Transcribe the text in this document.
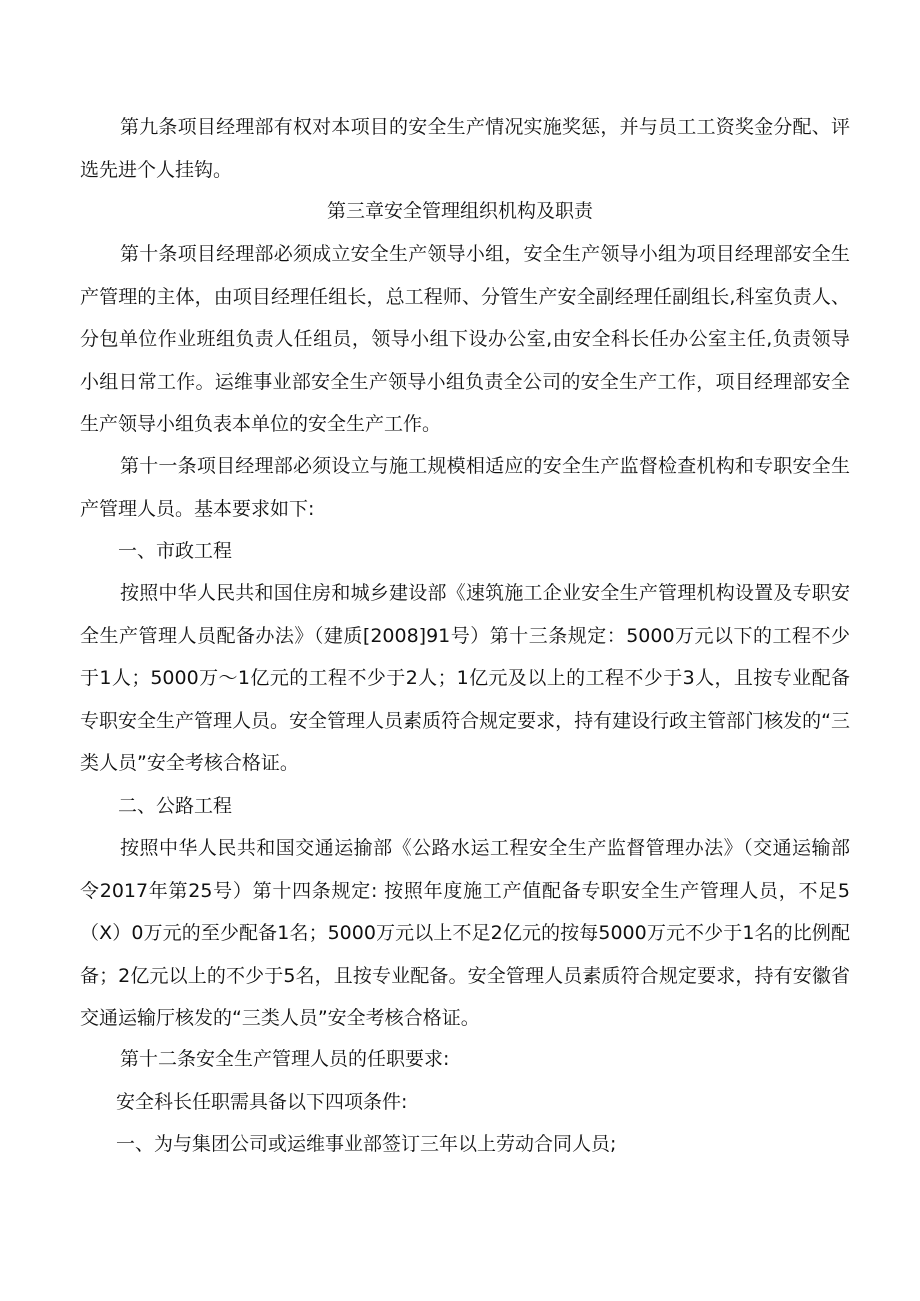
第九条项目经理部有权对本项目的安全生产情况实施奖惩，并与员工工资奖金分配、评选先进个人挂钩。

第三章安全管理组织机构及职责

第十条项目经理部必须成立安全生产领导小组，安全生产领导小组为项目经理部安全生产管理的主体，由项目经理任组长，总工程师、分管生产安全副经理任副组长,科室负责人、分包单位作业班组负责人任组员，领导小组下设办公室,由安全科长任办公室主任,负责领导小组日常工作。运维事业部安全生产领导小组负责全公司的安全生产工作，项目经理部安全生产领导小组负表本单位的安全生产工作。

第十一条项目经理部必须设立与施工规模相适应的安全生产监督检查机构和专职安全生产管理人员。基本要求如下:

一、市政工程

按照中华人民共和国住房和城乡建设部《速筑施工企业安全生产管理机构设置及专职安全生产管理人员配备办法》（建质[2008]91号）第十三条规定：5000万元以下的工程不少于1人；5000万〜1亿元的工程不少于2人；1亿元及以上的工程不少于3人，且按专业配备专职安全生产管理人员。安全管理人员素质符合规定要求，持有建设行政主管部门核发的“三类人员”安全考核合格证。

二、公路工程

按照中华人民共和国交通运揄部《公路水运工程安全生产监督管理办法》（交通运输部令2017年第25号）第十四条规定: 按照年度施工产值配备专职安全生产管理人员，不足5（X）0万元的至少配备1名；5000万元以上不足2亿元的按每5000万元不少于1名的比例配备；2亿元以上的不少于5名，且按专业配备。安全管理人员素质符合规定要求，持有安徽省交通运输厅核发的“三类人员”安全考核合格证。

第十二条安全生产管理人员的任职要求:

安全科长任职需具备以下四项条件:

一、为与集团公司或运维事业部签订三年以上劳动合同人员;
